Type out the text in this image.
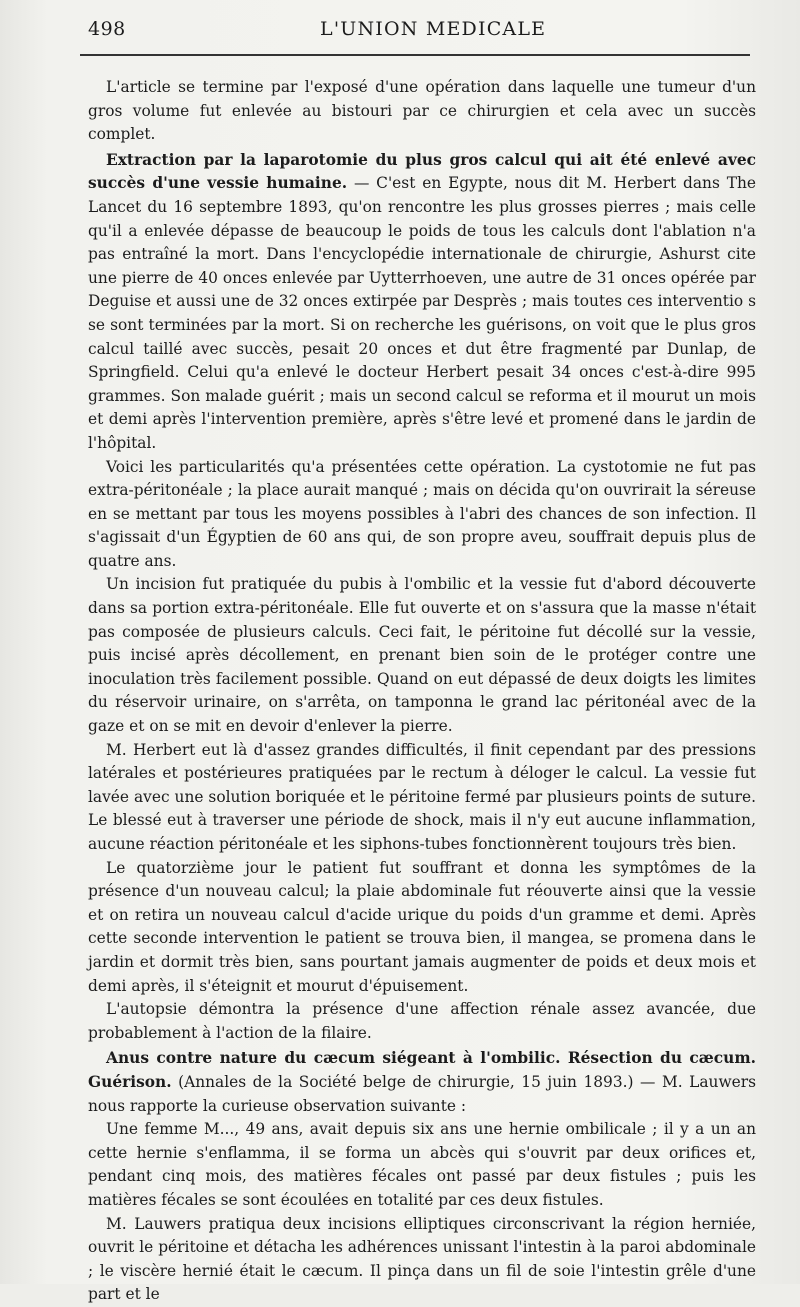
498	L'UNION MEDICALE

L'article se termine par l'exposé d'une opération dans laquelle une tumeur d'un gros volume fut enlevée au bistouri par ce chirurgien et cela avec un succès complet.

Extraction par la laparotomie du plus gros calcul qui ait été enlevé avec succès d'une vessie humaine. — C'est en Egypte, nous dit M. Herbert dans The Lancet du 16 septembre 1893, qu'on rencontre les plus grosses pierres ; mais celle qu'il a enlevée dépasse de beaucoup le poids de tous les calculs dont l'ablation n'a pas entraîné la mort. Dans l'encyclopédie internationale de chirurgie, Ashurst cite une pierre de 40 onces enlevée par Uytterrhoeven, une autre de 31 onces opérée par Deguise et aussi une de 32 onces extirpée par Desprès ; mais toutes ces interventio s se sont terminées par la mort. Si on recherche les guérisons, on voit que le plus gros calcul taillé avec succès, pesait 20 onces et dut être fragmenté par Dunlap, de Springfield. Celui qu'a enlevé le docteur Herbert pesait 34 onces c'est-à-dire 995 grammes. Son malade guérit ; mais un second calcul se reforma et il mourut un mois et demi après l'intervention première, après s'être levé et promené dans le jardin de l'hôpital.

Voici les particularités qu'a présentées cette opération. La cystotomie ne fut pas extra-péritonéale ; la place aurait manqué ; mais on décida qu'on ouvrirait la séreuse en se mettant par tous les moyens possibles à l'abri des chances de son infection. Il s'agissait d'un Égyptien de 60 ans qui, de son propre aveu, souffrait depuis plus de quatre ans.

Un incision fut pratiquée du pubis à l'ombilic et la vessie fut d'abord découverte dans sa portion extra-péritonéale. Elle fut ouverte et on s'assura que la masse n'était pas composée de plusieurs calculs. Ceci fait, le péritoine fut décollé sur la vessie, puis incisé après décollement, en prenant bien soin de le protéger contre une inoculation très facilement possible. Quand on eut dépassé de deux doigts les limites du réservoir urinaire, on s'arrêta, on tamponna le grand lac péritonéal avec de la gaze et on se mit en devoir d'enlever la pierre.

M. Herbert eut là d'assez grandes difficultés, il finit cependant par des pressions latérales et postérieures pratiquées par le rectum à déloger le calcul. La vessie fut lavée avec une solution boriquée et le péritoine fermé par plusieurs points de suture. Le blessé eut à traverser une période de shock, mais il n'y eut aucune inflammation, aucune réaction péritonéale et les siphons-tubes fonctionnèrent toujours très bien.

Le quatorzième jour le patient fut souffrant et donna les symptômes de la présence d'un nouveau calcul; la plaie abdominale fut réouverte ainsi que la vessie et on retira un nouveau calcul d'acide urique du poids d'un gramme et demi. Après cette seconde intervention le patient se trouva bien, il mangea, se promena dans le jardin et dormit très bien, sans pourtant jamais augmenter de poids et deux mois et demi après, il s'éteignit et mourut d'épuisement.

L'autopsie démontra la présence d'une affection rénale assez avancée, due probablement à l'action de la filaire.

Anus contre nature du cæcum siégeant à l'ombilic. Résection du cæcum. Guérison. (Annales de la Société belge de chirurgie, 15 juin 1893.) — M. Lauwers nous rapporte la curieuse observation suivante :

Une femme M..., 49 ans, avait depuis six ans une hernie ombilicale ; il y a un an cette hernie s'enflamma, il se forma un abcès qui s'ouvrit par deux orifices et, pendant cinq mois, des matières fécales ont passé par deux fistules ; puis les matières fécales se sont écoulées en totalité par ces deux fistules.

M. Lauwers pratiqua deux incisions elliptiques circonscrivant la région herniée, ouvrit le péritoine et détacha les adhérences unissant l'intestin à la paroi abdominale ; le viscère hernié était le cæcum. Il pinça dans un fil de soie l'intestin grêle d'une part et le
